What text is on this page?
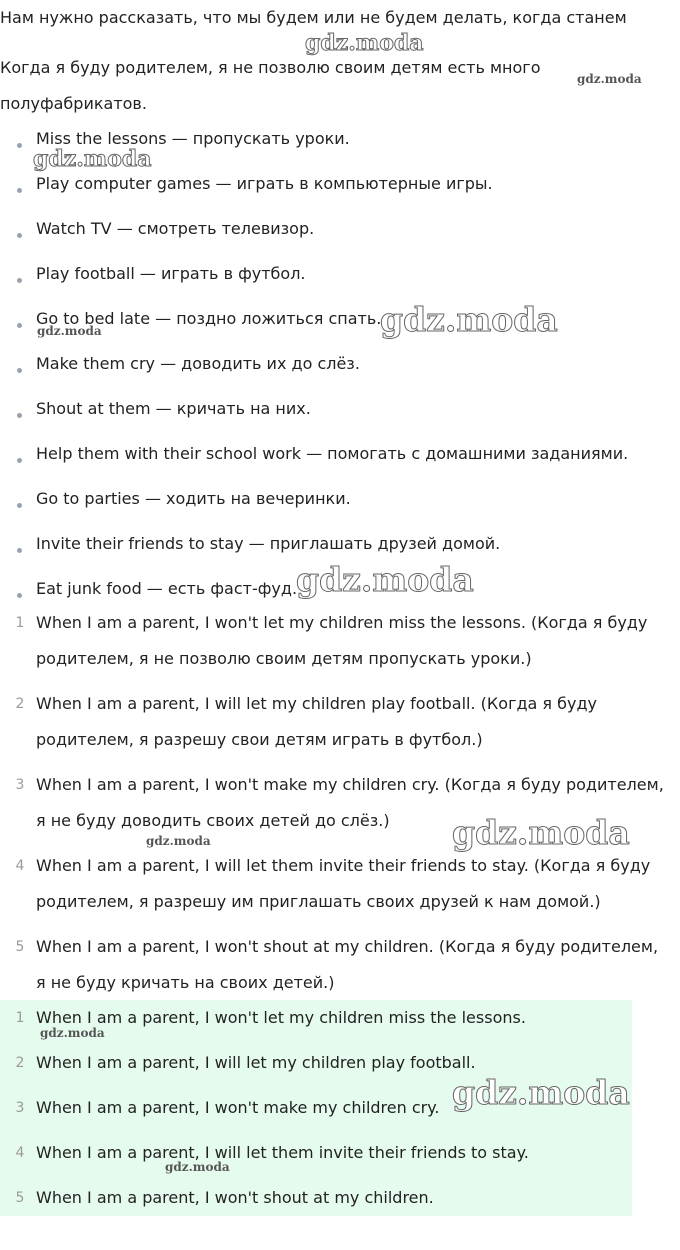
Нам нужно рассказать, что мы будем или не будем делать, когда станем

Когда я буду родителем, я не позволю своим детям есть много полуфабрикатов.

Miss the lessons — пропускать уроки.
Play computer games — играть в компьютерные игры.
Watch TV — смотреть телевизор.
Play football — играть в футбол.
Go to bed late — поздно ложиться спать.
Make them cry — доводить их до слёз.
Shout at them — кричать на них.
Help them with their school work — помогать с домашними заданиями.
Go to parties — ходить на вечеринки.
Invite their friends to stay — приглашать друзей домой.
Eat junk food — есть фаст-фуд.
1 When I am a parent, I won't let my children miss the lessons. (Когда я буду родителем, я не позволю своим детям пропускать уроки.)
2 When I am a parent, I will let my children play football. (Когда я буду родителем, я разрешу свои детям играть в футбол.)
3 When I am a parent, I won't make my children cry. (Когда я буду родителем, я не буду доводить своих детей до слёз.)
4 When I am a parent, I will let them invite their friends to stay. (Когда я буду родителем, я разрешу им приглашать своих друзей к нам домой.)
5 When I am a parent, I won't shout at my children. (Когда я буду родителем, я не буду кричать на своих детей.)
1 When I am a parent, I won't let my children miss the lessons.
2 When I am a parent, I will let my children play football.
3 When I am a parent, I won't make my children cry.
4 When I am a parent, I will let them invite their friends to stay.
5 When I am a parent, I won't shout at my children.
gdz.moda
gdz.moda
gdz.moda
gdz.moda	gdz.moda
gdz.moda
gdz.moda
gdz.moda
gdz.moda
gdz.moda
gdz.moda
